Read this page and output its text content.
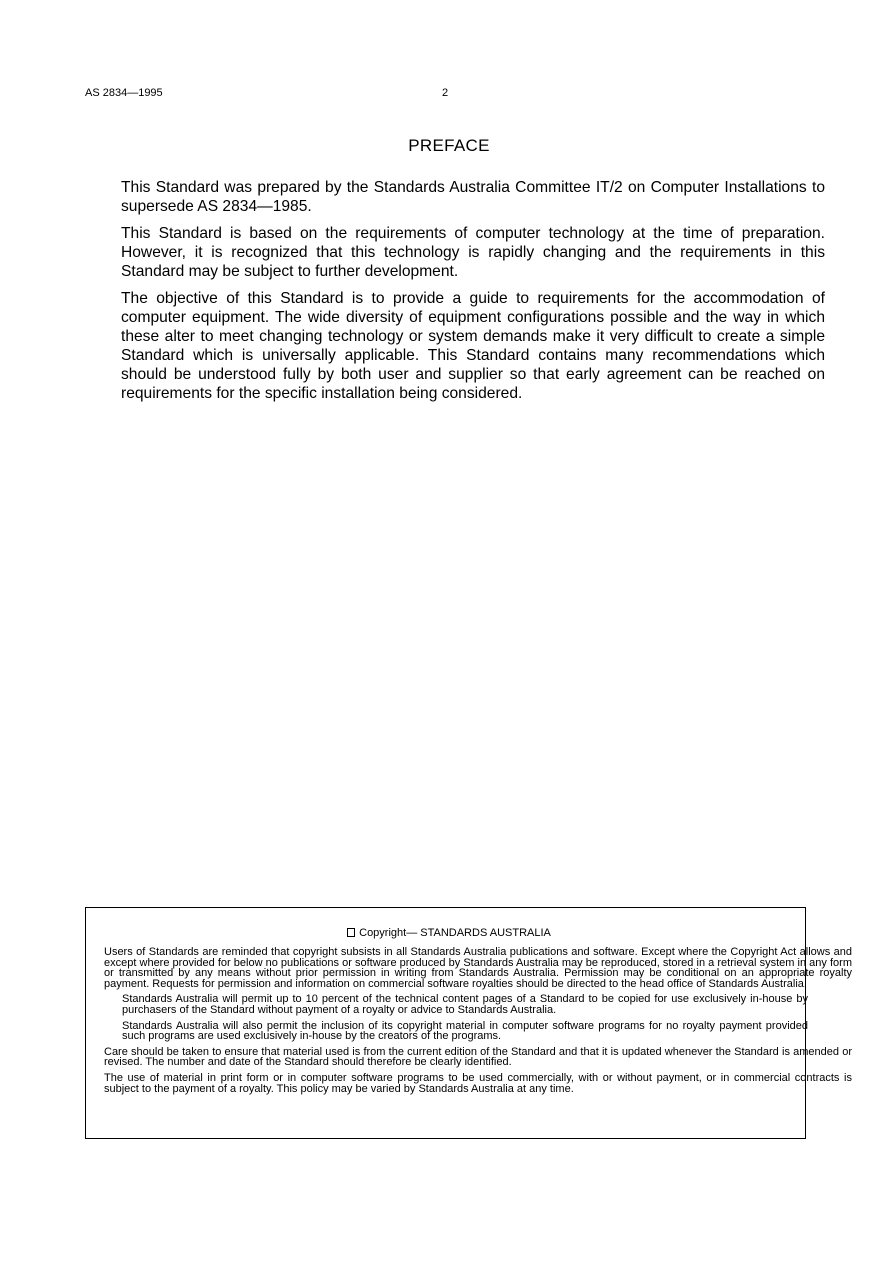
AS 2834—1995	2
PREFACE

This Standard was prepared by the Standards Australia Committee IT/2 on Computer Installations to supersede AS 2834—1985.

This Standard is based on the requirements of computer technology at the time of preparation. However, it is recognized that this technology is rapidly changing and the requirements in this Standard may be subject to further development.

The objective of this Standard is to provide a guide to requirements for the accommodation of computer equipment. The wide diversity of equipment configurations possible and the way in which these alter to meet changing technology or system demands make it very difficult to create a simple Standard which is universally applicable. This Standard contains many recommendations which should be understood fully by both user and supplier so that early agreement can be reached on requirements for the specific installation being considered.

Copyright— STANDARDS AUSTRALIA

Users of Standards are reminded that copyright subsists in all Standards Australia publications and software. Except where the Copyright Act allows and except where provided for below no publications or software produced by Standards Australia may be reproduced, stored in a retrieval system in any form or transmitted by any means without prior permission in writing from Standards Australia. Permission may be conditional on an appropriate royalty payment. Requests for permission and information on commercial software royalties should be directed to the head office of Standards Australia.

Standards Australia will permit up to 10 percent of the technical content pages of a Standard to be copied for use exclusively in-house by purchasers of the Standard without payment of a royalty or advice to Standards Australia.

Standards Australia will also permit the inclusion of its copyright material in computer software programs for no royalty payment provided such programs are used exclusively in-house by the creators of the programs.

Care should be taken to ensure that material used is from the current edition of the Standard and that it is updated whenever the Standard is amended or revised. The number and date of the Standard should therefore be clearly identified.

The use of material in print form or in computer software programs to be used commercially, with or without payment, or in commercial contracts is subject to the payment of a royalty. This policy may be varied by Standards Australia at any time.
